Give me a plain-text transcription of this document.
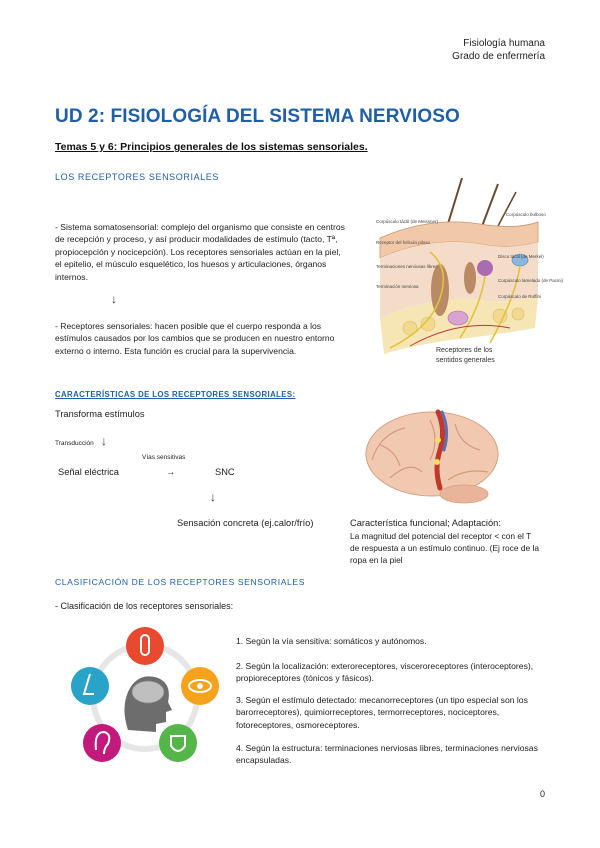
Fisiología humana
Grado de enfermería
UD 2: FISIOLOGÍA DEL SISTEMA NERVIOSO
Temas 5 y 6: Principios generales de los sistemas sensoriales.
LOS RECEPTORES SENSORIALES
- Sistema somatosensorial: complejo del organismo que consiste en centros de recepción y proceso, y así producir modalidades de estímulo (tacto, Tª, propiocepción y nocicepción). Los receptores sensoriales actúan en la piel, el epitelio, el músculo esquelético, los huesos y articulaciones, órganos internos.
↓
- Receptores sensoriales: hacen posible que el cuerpo responda a los estímulos causados por los cambios que se producen en nuestro entorno externo o interno. Esta función es crucial para la supervivencia.
Corpúsculo táctil (de Meissner)
Receptor del folículo piloso
Terminaciones nerviosas libres
Corpúsculo bulboso
Disco táctil (de Merkel)
Corpúsculo lamelado (de Pacini)
Terminación nerviosa
Corpúsculo de Ruffini
Receptores de los
sentidos generales
CARACTERÍSTICAS DE LOS RECEPTORES SENSORIALES:
Transforma estímulos
Transducción ↓
Vías sensitivas
Señal eléctrica	→	SNC
↓
Sensación concreta (ej.calor/frío)	Característica funcional; Adaptación:
La magnitud del potencial del receptor < con el T de respuesta a un estímulo continuo. (Ej roce de la ropa en la piel
CLASIFICACIÓN DE LOS RECEPTORES SENSORIALES
- Clasificación de los receptores sensoriales:
1. Según la vía sensitiva: somáticos y autónomos.
2. Según la localización: exteroreceptores, visceroreceptores (interoceptores), propioreceptores (tónicos y fásicos).
3. Según el estímulo detectado: mecanorreceptores (un tipo especial son los barorreceptores), quimiorreceptores, termorreceptores, nociceptores, fotoreceptores, osmoreceptores.
4. Según la estructura: terminaciones nerviosas libres, terminaciones nerviosas encapsuladas.
0
